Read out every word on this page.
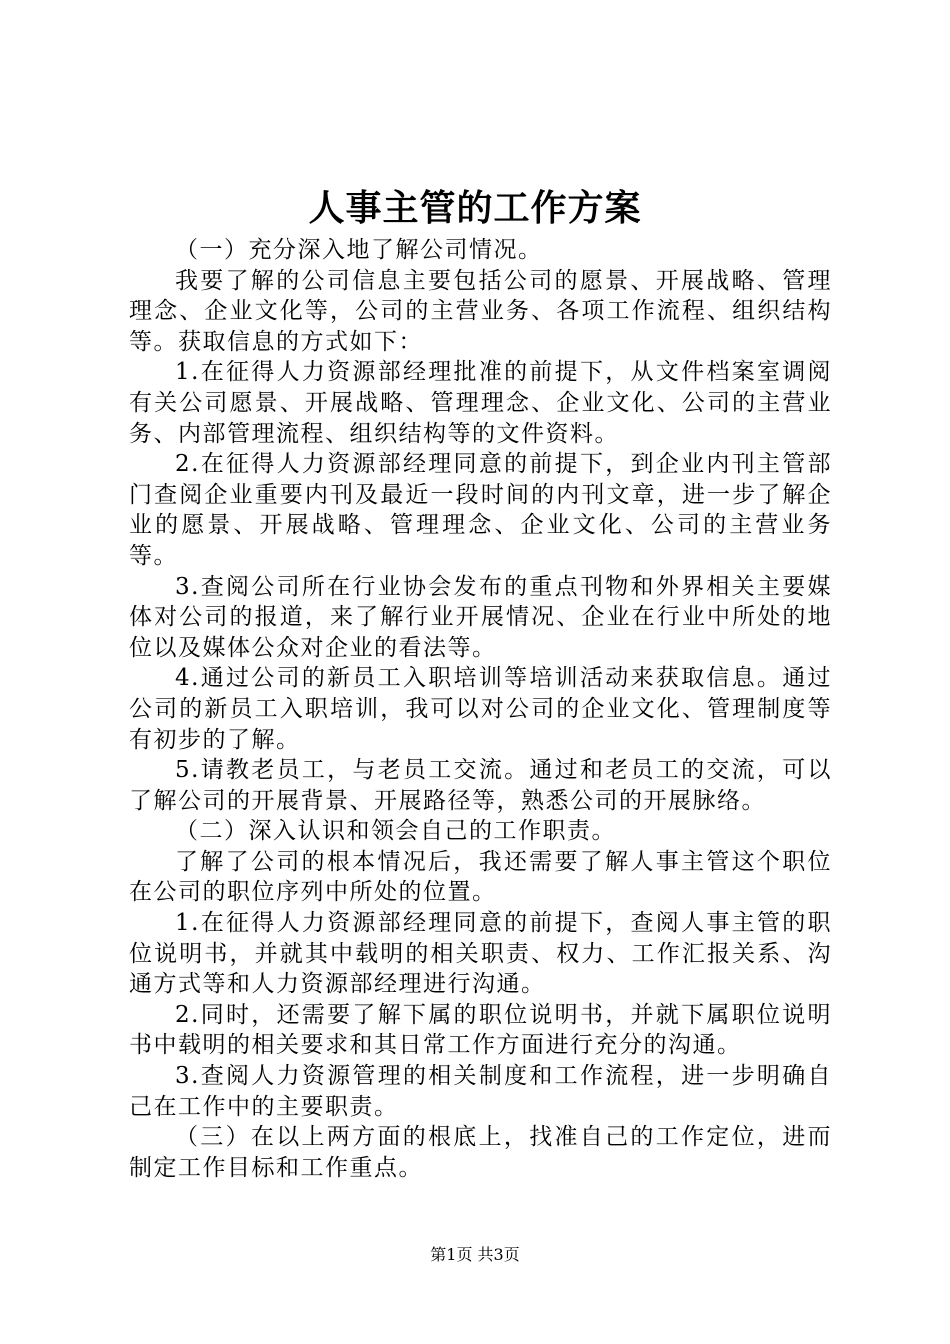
人事主管的工作方案

（一）充分深入地了解公司情况。

我要了解的公司信息主要包括公司的愿景、开展战略、管理理念、企业文化等，公司的主营业务、各项工作流程、组织结构等。获取信息的方式如下：

1.在征得人力资源部经理批准的前提下，从文件档案室调阅有关公司愿景、开展战略、管理理念、企业文化、公司的主营业务、内部管理流程、组织结构等的文件资料。

2.在征得人力资源部经理同意的前提下，到企业内刊主管部门查阅企业重要内刊及最近一段时间的内刊文章，进一步了解企业的愿景、开展战略、管理理念、企业文化、公司的主营业务等。

3.查阅公司所在行业协会发布的重点刊物和外界相关主要媒体对公司的报道，来了解行业开展情况、企业在行业中所处的地位以及媒体公众对企业的看法等。

4.通过公司的新员工入职培训等培训活动来获取信息。通过公司的新员工入职培训，我可以对公司的企业文化、管理制度等有初步的了解。

5.请教老员工，与老员工交流。通过和老员工的交流，可以了解公司的开展背景、开展路径等，熟悉公司的开展脉络。

（二）深入认识和领会自己的工作职责。

了解了公司的根本情况后，我还需要了解人事主管这个职位在公司的职位序列中所处的位置。

1.在征得人力资源部经理同意的前提下，查阅人事主管的职位说明书，并就其中载明的相关职责、权力、工作汇报关系、沟通方式等和人力资源部经理进行沟通。

2.同时，还需要了解下属的职位说明书，并就下属职位说明书中载明的相关要求和其日常工作方面进行充分的沟通。

3.查阅人力资源管理的相关制度和工作流程，进一步明确自己在工作中的主要职责。

（三）在以上两方面的根底上，找准自己的工作定位，进而制定工作目标和工作重点。

第1页 共3页
